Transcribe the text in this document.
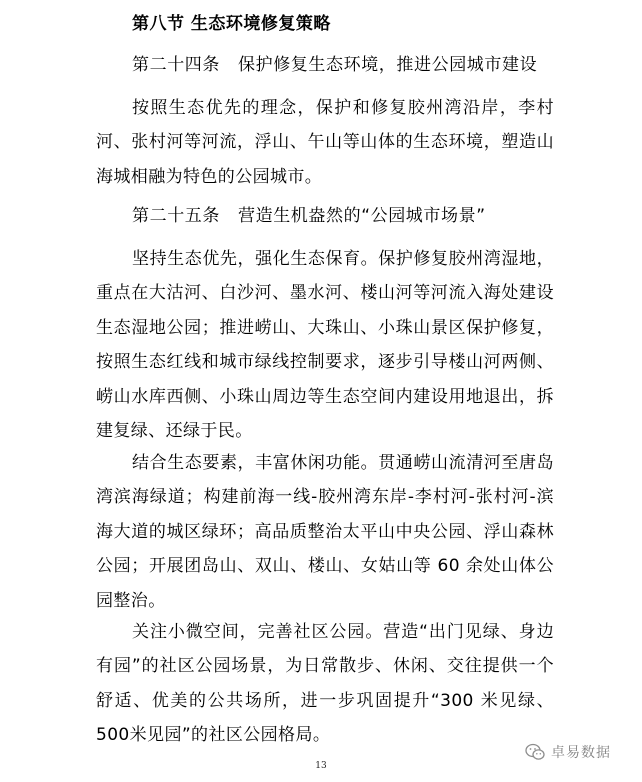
第八节 生态环境修复策略
第二十四条 保护修复生态环境，推进公园城市建设

按照生态优先的理念，保护和修复胶州湾沿岸，李村河、张村河等河流，浮山、午山等山体的生态环境，塑造山海城相融为特色的公园城市。

第二十五条 营造生机盎然的“公园城市场景”

坚持生态优先，强化生态保育。保护修复胶州湾湿地，重点在大沽河、白沙河、墨水河、楼山河等河流入海处建设生态湿地公园；推进崂山、大珠山、小珠山景区保护修复，按照生态红线和城市绿线控制要求，逐步引导楼山河两侧、崂山水库西侧、小珠山周边等生态空间内建设用地退出，拆建复绿、还绿于民。

结合生态要素，丰富休闲功能。贯通崂山流清河至唐岛湾滨海绿道；构建前海一线-胶州湾东岸-李村河-张村河-滨海大道的城区绿环；高品质整治太平山中央公园、浮山森林公园；开展团岛山、双山、楼山、女姑山等 60 余处山体公园整治。

关注小微空间，完善社区公园。营造“出门见绿、身边有园”的社区公园场景，为日常散步、休闲、交往提供一个舒适、优美的公共场所，进一步巩固提升“300 米见绿、500米见园”的社区公园格局。

13
卓易数据
